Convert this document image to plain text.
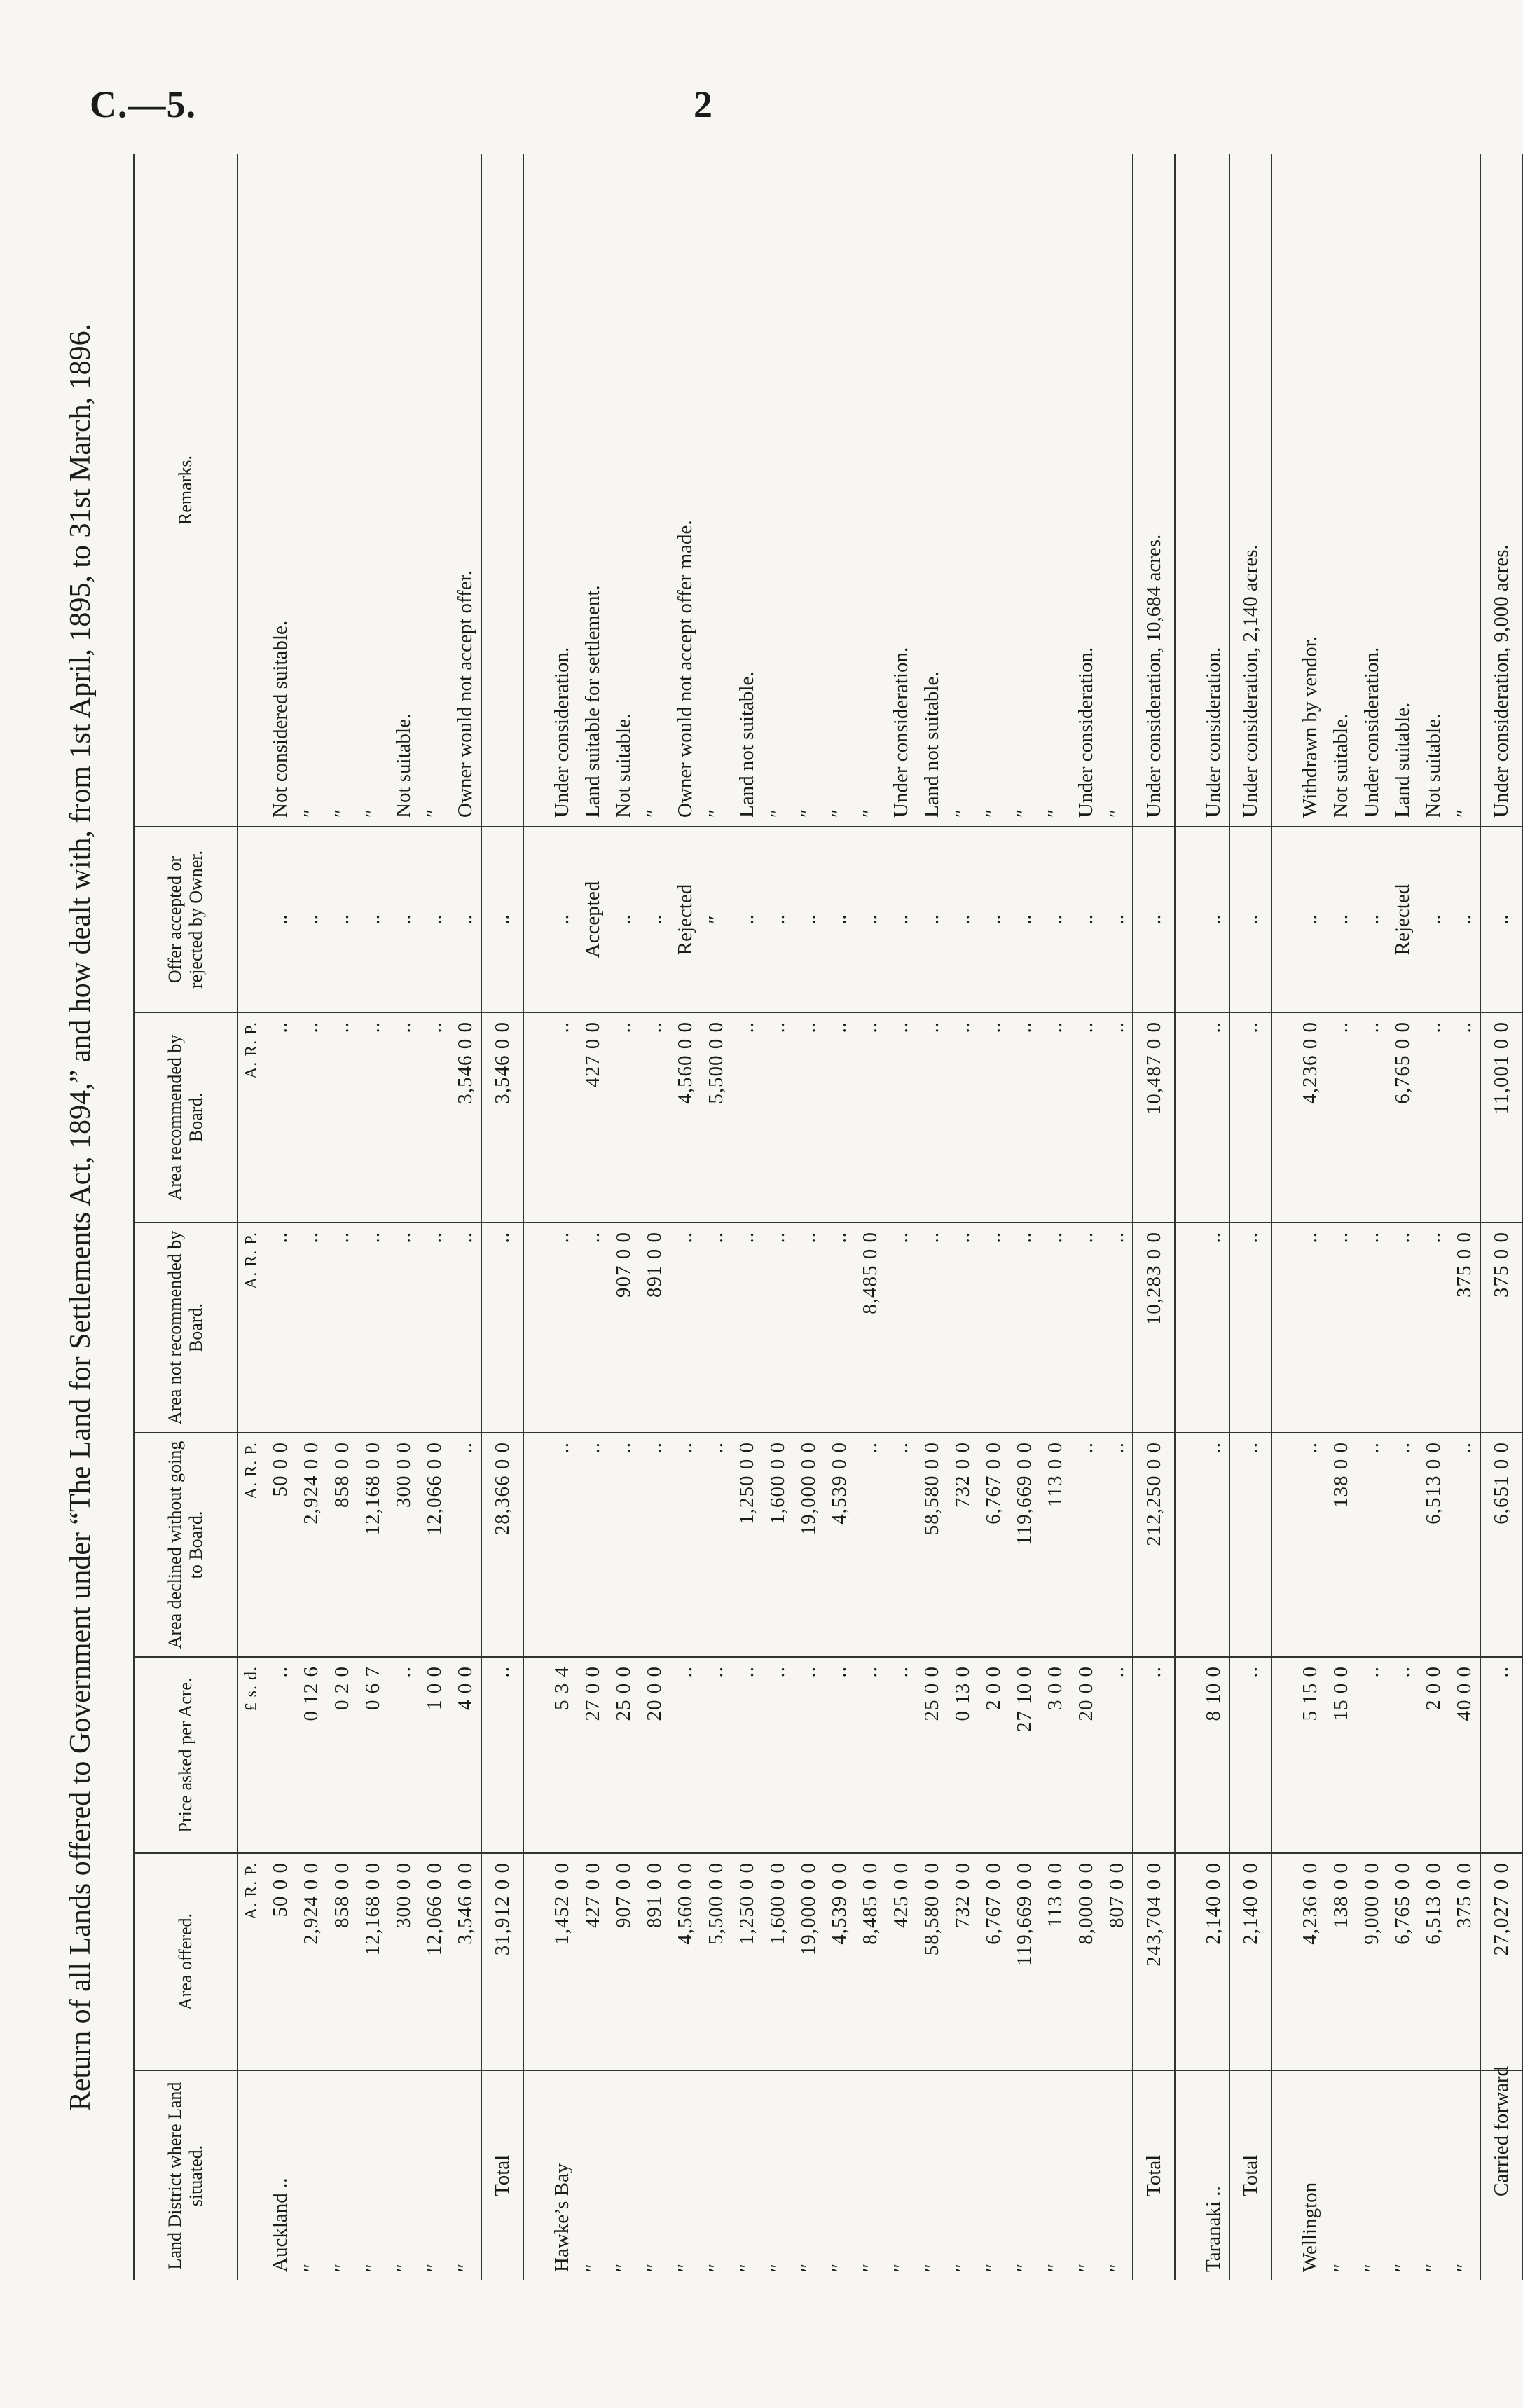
C.—5.	2
Return of all Lands offered to Government under “The Land for Settlements Act, 1894,” and how dealt with, from 1st April, 1895, to 31st March, 1896.
Land District where Land situated.	Area offered.	Price asked per Acre.	Area declined without going to Board.	Area not recommended by Board.	Area recommended by Board.	Offer accepted or rejected by Owner.	Remarks.
	A. R. P.	£ s. d.	A. R. P.	A. R. P.	A. R. P.		
Auckland ..	50 0 0	..	50 0 0	..	..	..	Not considered suitable.
″	2,924 0 0	0 12 6	2,924 0 0	..	..	..	″
″	858 0 0	0 2 0	858 0 0	..	..	..	″
″	12,168 0 0	0 6 7	12,168 0 0	..	..	..	″
″	300 0 0	..	300 0 0	..	..	..	Not suitable.
″	12,066 0 0	1 0 0	12,066 0 0	..	..	..	″
″	3,546 0 0	4 0 0	..	..	3,546 0 0	..	Owner would not accept offer.
Total	31,912 0 0	..	28,366 0 0	..	3,546 0 0	..	

Hawke’s Bay	1,452 0 0	5 3 4	..	..	..	..	Under consideration.
″	427 0 0	27 0 0	..	..	427 0 0	Accepted	Land suitable for settlement.
″	907 0 0	25 0 0	..	907 0 0	..	..	Not suitable.
″	891 0 0	20 0 0	..	891 0 0	..	..	″
″	4,560 0 0	..	..	..	4,560 0 0	Rejected	Owner would not accept offer made.
″	5,500 0 0	..	..	..	5,500 0 0	″	″
″	1,250 0 0	..	1,250 0 0	..	..	..	Land not suitable.
″	1,600 0 0	..	1,600 0 0	..	..	..	″
″	19,000 0 0	..	19,000 0 0	..	..	..	″
″	4,539 0 0	..	4,539 0 0	..	..	..	″
″	8,485 0 0	..	..	8,485 0 0	..	..	″
″	425 0 0	..	..	..	..	..	Under consideration.
″	58,580 0 0	25 0 0	58,580 0 0	..	..	..	Land not suitable.
″	732 0 0	0 13 0	732 0 0	..	..	..	″
″	6,767 0 0	2 0 0	6,767 0 0	..	..	..	″
″	119,669 0 0	27 10 0	119,669 0 0	..	..	..	″
″	113 0 0	3 0 0	113 0 0	..	..	..	″
″	8,000 0 0	20 0 0	..	..	..	..	Under consideration.
″	807 0 0	..	..	..	..	..	″
Total	243,704 0 0	..	212,250 0 0	10,283 0 0	10,487 0 0	..	Under consideration, 10,684 acres.

Taranaki ..	2,140 0 0	8 10 0	..	..	..	..	Under consideration.
Total	2,140 0 0	..	..	..	..	..	Under consideration, 2,140 acres.

Wellington	4,236 0 0	5 15 0	..	..	4,236 0 0	..	Withdrawn by vendor.
″	138 0 0	15 0 0	138 0 0	..	..	..	Not suitable.
″	9,000 0 0	..	..	..	..	..	Under consideration.
″	6,765 0 0	..	..	..	6,765 0 0	Rejected	Land suitable.
″	6,513 0 0	2 0 0	6,513 0 0	..	..	..	Not suitable.
″	375 0 0	40 0 0	..	375 0 0	..	..	″
Carried forward	27,027 0 0	..	6,651 0 0	375 0 0	11,001 0 0	..	Under consideration, 9,000 acres.
